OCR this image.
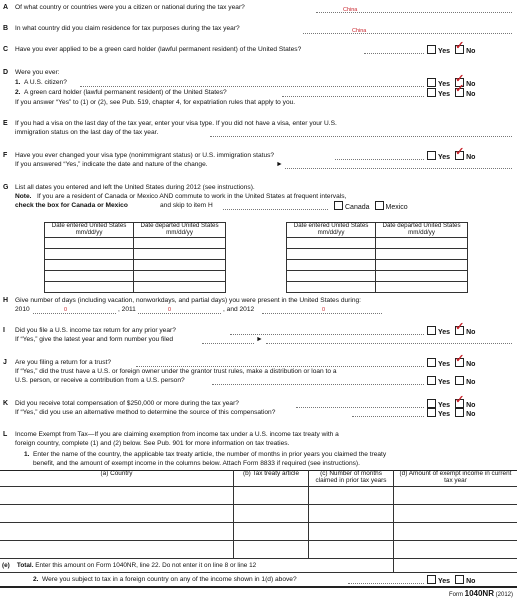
A Of what country or countries were you a citizen or national during the tax year?	China
B In what country did you claim residence for tax purposes during the tax year?	China
C Have you ever applied to be a green card holder (lawful permanent resident) of the United States?	Yes ✓ No
D Were you ever:
1. A U.S. citizen?	Yes ✓ No
2. A green card holder (lawful permanent resident) of the United States?	Yes ✓ No
If you answer “Yes” to (1) or (2), see Pub. 519, chapter 4, for expatriation rules that apply to you.
E If you had a visa on the last day of the tax year, enter your visa type. If you did not have a visa, enter your U.S.
immigration status on the last day of the tax year.
F Have you ever changed your visa type (nonimmigrant status) or U.S. immigration status?	Yes ✓ No
If you answered “Yes,” indicate the date and nature of the change.	►
G List all dates you entered and left the United States during 2012 (see instructions).
Note. If you are a resident of Canada or Mexico AND commute to work in the United States at frequent intervals,
check the box for Canada or Mexico	and skip to item H	Canada Mexico
Date entered United States mm/dd/yy	Date departed United States mm/dd/yy

Date entered United States mm/dd/yy	Date departed United States mm/dd/yy

H Give number of days (including vacation, nonworkdays, and partial days) you were present in the United States during:
2010	0	, 2011	0	, and 2012	0
I Did you file a U.S. income tax return for any prior year?	Yes ✓ No
If “Yes,” give the latest year and form number you filed	►
J Are you filing a return for a trust?	Yes ✓ No
If “Yes,” did the trust have a U.S. or foreign owner under the grantor trust rules, make a distribution or loan to a
U.S. person, or receive a contribution from a U.S. person?	Yes No
K Did you receive total compensation of $250,000 or more during the tax year?	Yes ✓ No
If “Yes,” did you use an alternative method to determine the source of this compensation?	Yes No
L Income Exempt from Tax—If you are claiming exemption from income tax under a U.S. income tax treaty with a
foreign country, complete (1) and (2) below. See Pub. 901 for more information on tax treaties.
1. Enter the name of the country, the applicable tax treaty article, the number of months in prior years you claimed the treaty
benefit, and the amount of exempt income in the columns below. Attach Form 8833 if required (see instructions).
(a) Country	(b) Tax treaty article	(c) Number of months claimed in prior tax years	(d) Amount of exempt income in current tax year

(e) Total. Enter this amount on Form 1040NR, line 22. Do not enter it on line 8 or line 12			
2. Were you subject to tax in a foreign country on any of the income shown in 1(d) above?	Yes No
Form 1040NR (2012)
